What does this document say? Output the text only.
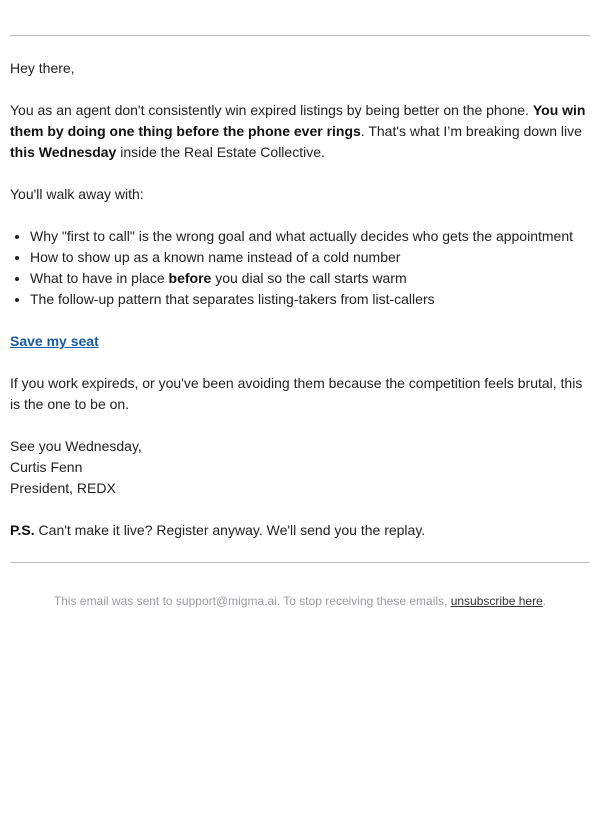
Hey there,

You as an agent don't consistently win expired listings by being better on the phone. You win them by doing one thing before the phone ever rings. That's what I’m breaking down live this Wednesday inside the Real Estate Collective.

You'll walk away with:

Why "first to call" is the wrong goal and what actually decides who gets the appointment
How to show up as a known name instead of a cold number
What to have in place before you dial so the call starts warm
The follow-up pattern that separates listing-takers from list-callers

Save my seat

If you work expireds, or you've been avoiding them because the competition feels brutal, this is the one to be on.

See you Wednesday,
Curtis Fenn
President, REDX

P.S. Can't make it live? Register anyway. We'll send you the replay.

This email was sent to support@migma.ai. To stop receiving these emails, unsubscribe here.
